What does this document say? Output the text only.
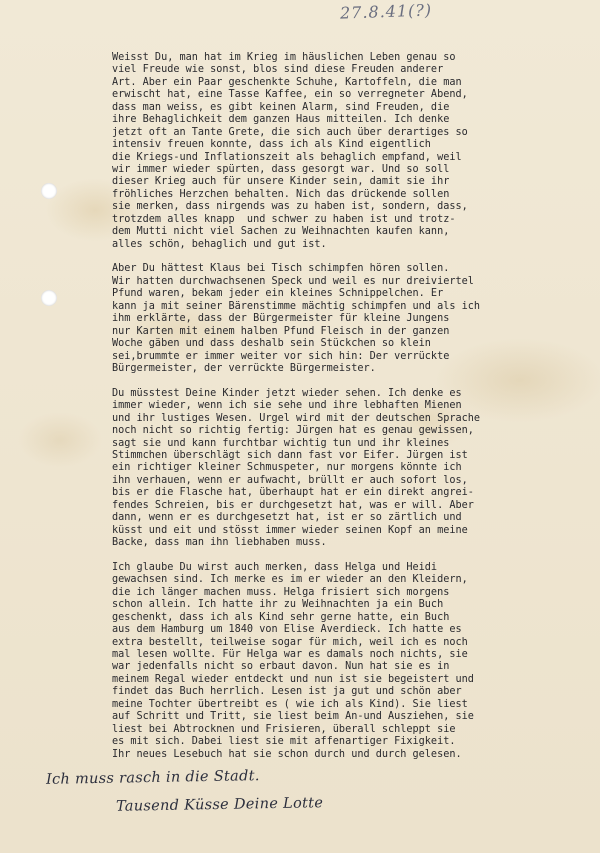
27.8.41(?)
Weisst Du, man hat im Krieg im häuslichen Leben genau so
viel Freude wie sonst, blos sind diese Freuden anderer
Art. Aber ein Paar geschenkte Schuhe, Kartoffeln, die man
erwischt hat, eine Tasse Kaffee, ein so verregneter Abend,
dass man weiss, es gibt keinen Alarm, sind Freuden, die
ihre Behaglichkeit dem ganzen Haus mitteilen. Ich denke
jetzt oft an Tante Grete, die sich auch über derartiges so
intensiv freuen konnte, dass ich als Kind eigentlich
die Kriegs-und Inflationszeit als behaglich empfand, weil
wir immer wieder spürten, dass gesorgt war. Und so soll
dieser Krieg auch für unsere Kinder sein, damit sie ihr
fröhliches Herzchen behalten. Nich das drückende sollen
sie merken, dass nirgends was zu haben ist, sondern, dass,
trotzdem alles knapp  und schwer zu haben ist und trotz-
dem Mutti nicht viel Sachen zu Weihnachten kaufen kann,
alles schön, behaglich und gut ist.
Aber Du hättest Klaus bei Tisch schimpfen hören sollen.
Wir hatten durchwachsenen Speck und weil es nur dreiviertel
Pfund waren, bekam jeder ein kleines Schnippelchen. Er
kann ja mit seiner Bärenstimme mächtig schimpfen und als ich
ihm erklärte, dass der Bürgermeister für kleine Jungens
nur Karten mit einem halben Pfund Fleisch in der ganzen
Woche gäben und dass deshalb sein Stückchen so klein
sei,brummte er immer weiter vor sich hin: Der verrückte
Bürgermeister, der verrückte Bürgermeister.
Du müsstest Deine Kinder jetzt wieder sehen. Ich denke es
immer wieder, wenn ich sie sehe und ihre lebhaften Mienen
und ihr lustiges Wesen. Urgel wird mit der deutschen Sprache
noch nicht so richtig fertig: Jürgen hat es genau gewissen,
sagt sie und kann furchtbar wichtig tun und ihr kleines
Stimmchen überschlägt sich dann fast vor Eifer. Jürgen ist
ein richtiger kleiner Schmuspeter, nur morgens könnte ich
ihn verhauen, wenn er aufwacht, brüllt er auch sofort los,
bis er die Flasche hat, überhaupt hat er ein direkt angrei-
fendes Schreien, bis er durchgesetzt hat, was er will. Aber
dann, wenn er es durchgesetzt hat, ist er so zärtlich und
küsst und eit und stösst immer wieder seinen Kopf an meine
Backe, dass man ihn liebhaben muss.
Ich glaube Du wirst auch merken, dass Helga und Heidi
gewachsen sind. Ich merke es im er wieder an den Kleidern,
die ich länger machen muss. Helga frisiert sich morgens
schon allein. Ich hatte ihr zu Weihnachten ja ein Buch
geschenkt, dass ich als Kind sehr gerne hatte, ein Buch
aus dem Hamburg um 1840 von Elise Averdieck. Ich hatte es
extra bestellt, teilweise sogar für mich, weil ich es noch
mal lesen wollte. Für Helga war es damals noch nichts, sie
war jedenfalls nicht so erbaut davon. Nun hat sie es in
meinem Regal wieder entdeckt und nun ist sie begeistert und
findet das Buch herrlich. Lesen ist ja gut und schön aber
meine Tochter übertreibt es ( wie ich als Kind). Sie liest
auf Schritt und Tritt, sie liest beim An-und Ausziehen, sie
liest bei Abtrocknen und Frisieren, überall schleppt sie
es mit sich. Dabei liest sie mit affenartiger Fixigkeit.
Ihr neues Lesebuch hat sie schon durch und durch gelesen.
Ich muss rasch in die Stadt.
Tausend Küsse Deine Lotte
